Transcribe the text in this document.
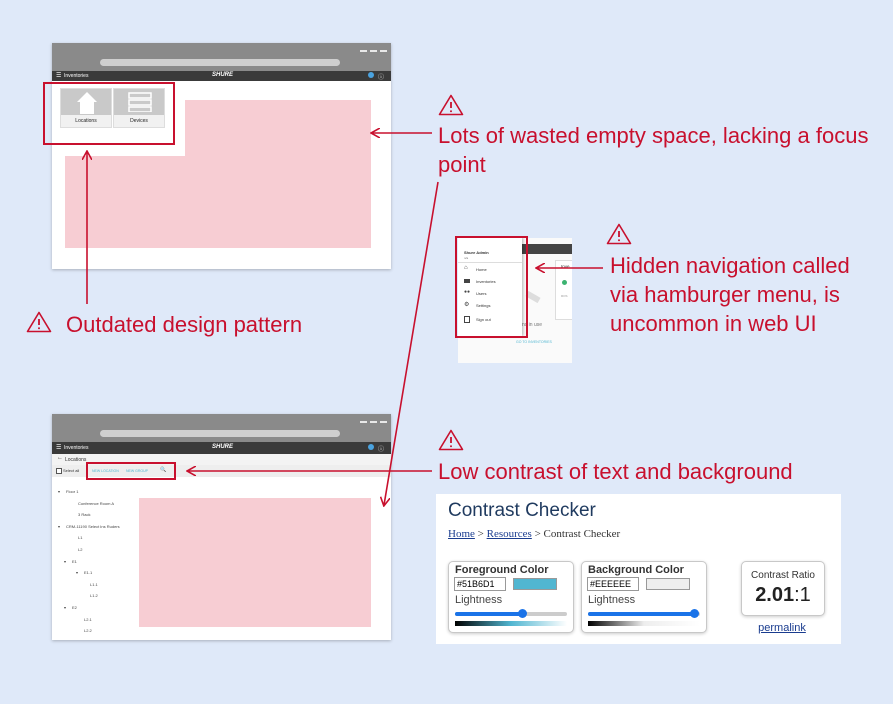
☰ Inventories	SHURE	ⓘ
Locations	Devices
Inve
ROS
ns in use
GO TO INVENTORIES
Shure Admin
n/a
⌂ Home
Inventories
●● Users
⚙ Settings
Sign out
☰ Inventories	SHURE	ⓘ
← Locations
Select all	NEW LOCATION NEW GROUP 🔍
▾ Floor 1
Conference Room A
3 Rack
▾ CRM-11190 Select Ins Ruders
L1
L2
▾ E1
▾ E1.1
L1.1
L1.2
▾ E2
L2.1
L2.2
Lots of wasted empty space, lacking a focus point
Hidden navigation called via hamburger menu, is uncommon in web UI
Outdated design pattern
Low contrast of text and background
Contrast Checker
Home > Resources > Contrast Checker
Foreground Color
#51B6D1
Lightness
Background Color
#EEEEEE
Lightness
Contrast Ratio
2.01:1
permalink
